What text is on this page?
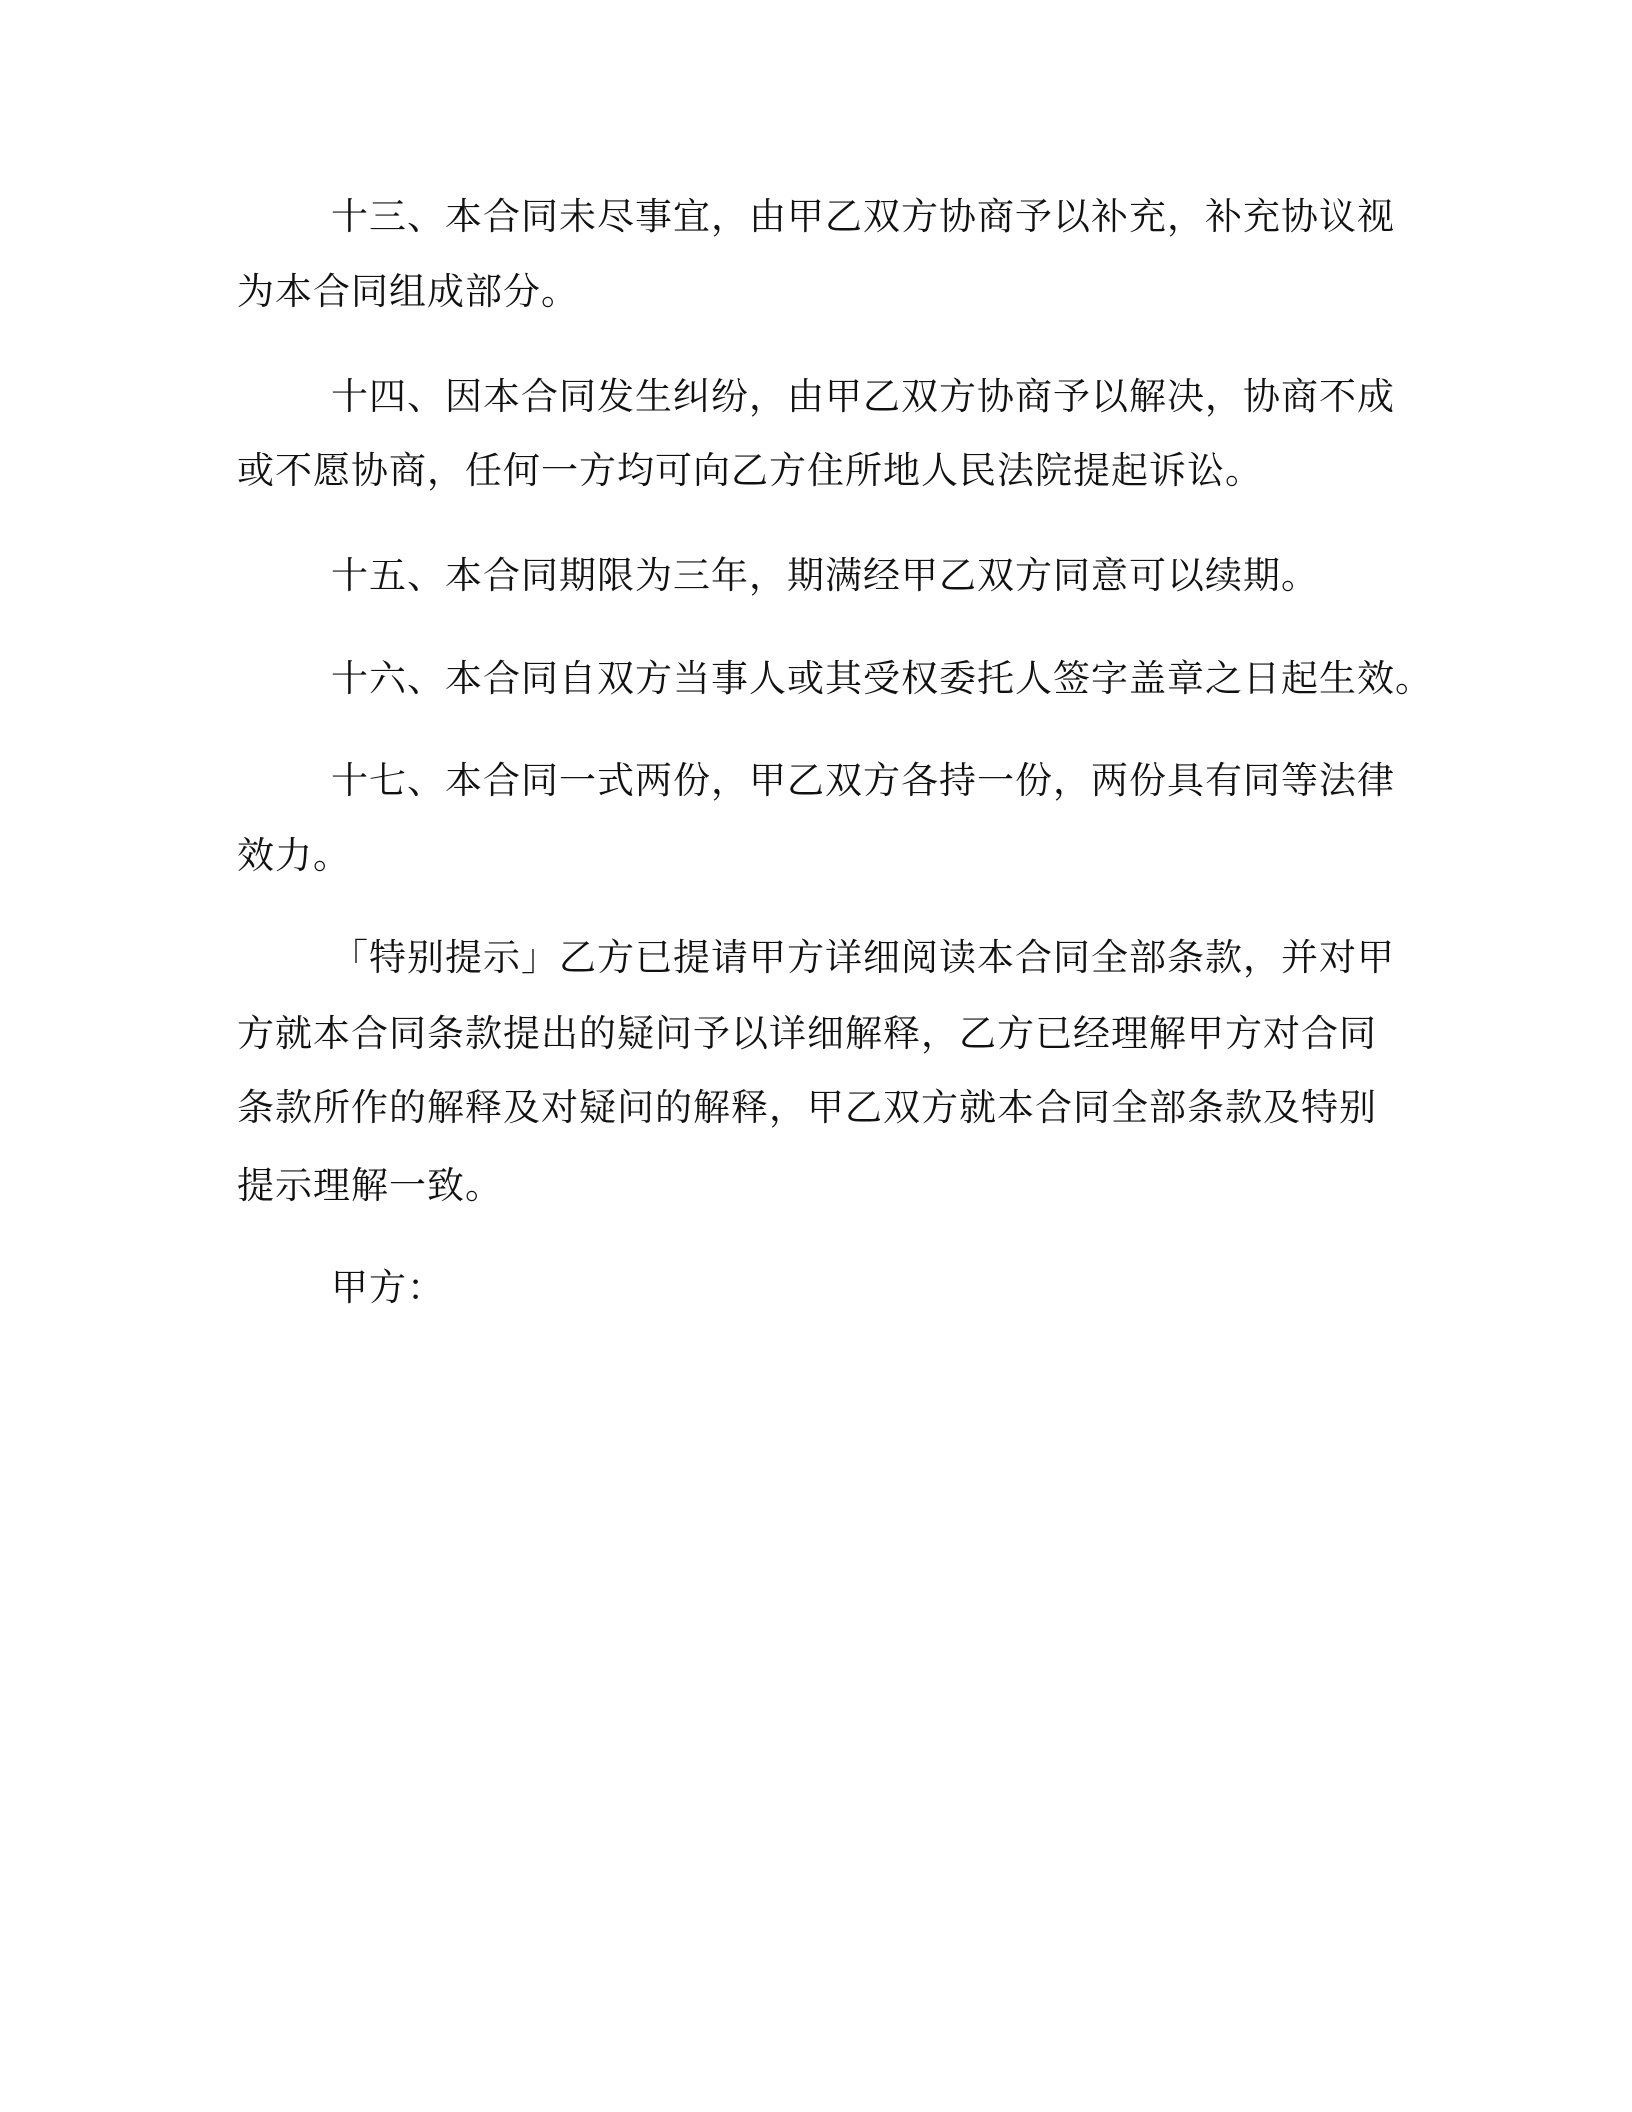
十三、本合同未尽事宜，由甲乙双方协商予以补充，补充协议视
为本合同组成部分。
十四、因本合同发生纠纷，由甲乙双方协商予以解决，协商不成
或不愿协商，任何一方均可向乙方住所地人民法院提起诉讼。
十五、本合同期限为三年，期满经甲乙双方同意可以续期。
十六、本合同自双方当事人或其受权委托人签字盖章之日起生效。
十七、本合同一式两份，甲乙双方各持一份，两份具有同等法律
效力。
「特别提示」乙方已提请甲方详细阅读本合同全部条款，并对甲
方就本合同条款提出的疑问予以详细解释，乙方已经理解甲方对合同
条款所作的解释及对疑问的解释，甲乙双方就本合同全部条款及特别
提示理解一致。
甲方：
